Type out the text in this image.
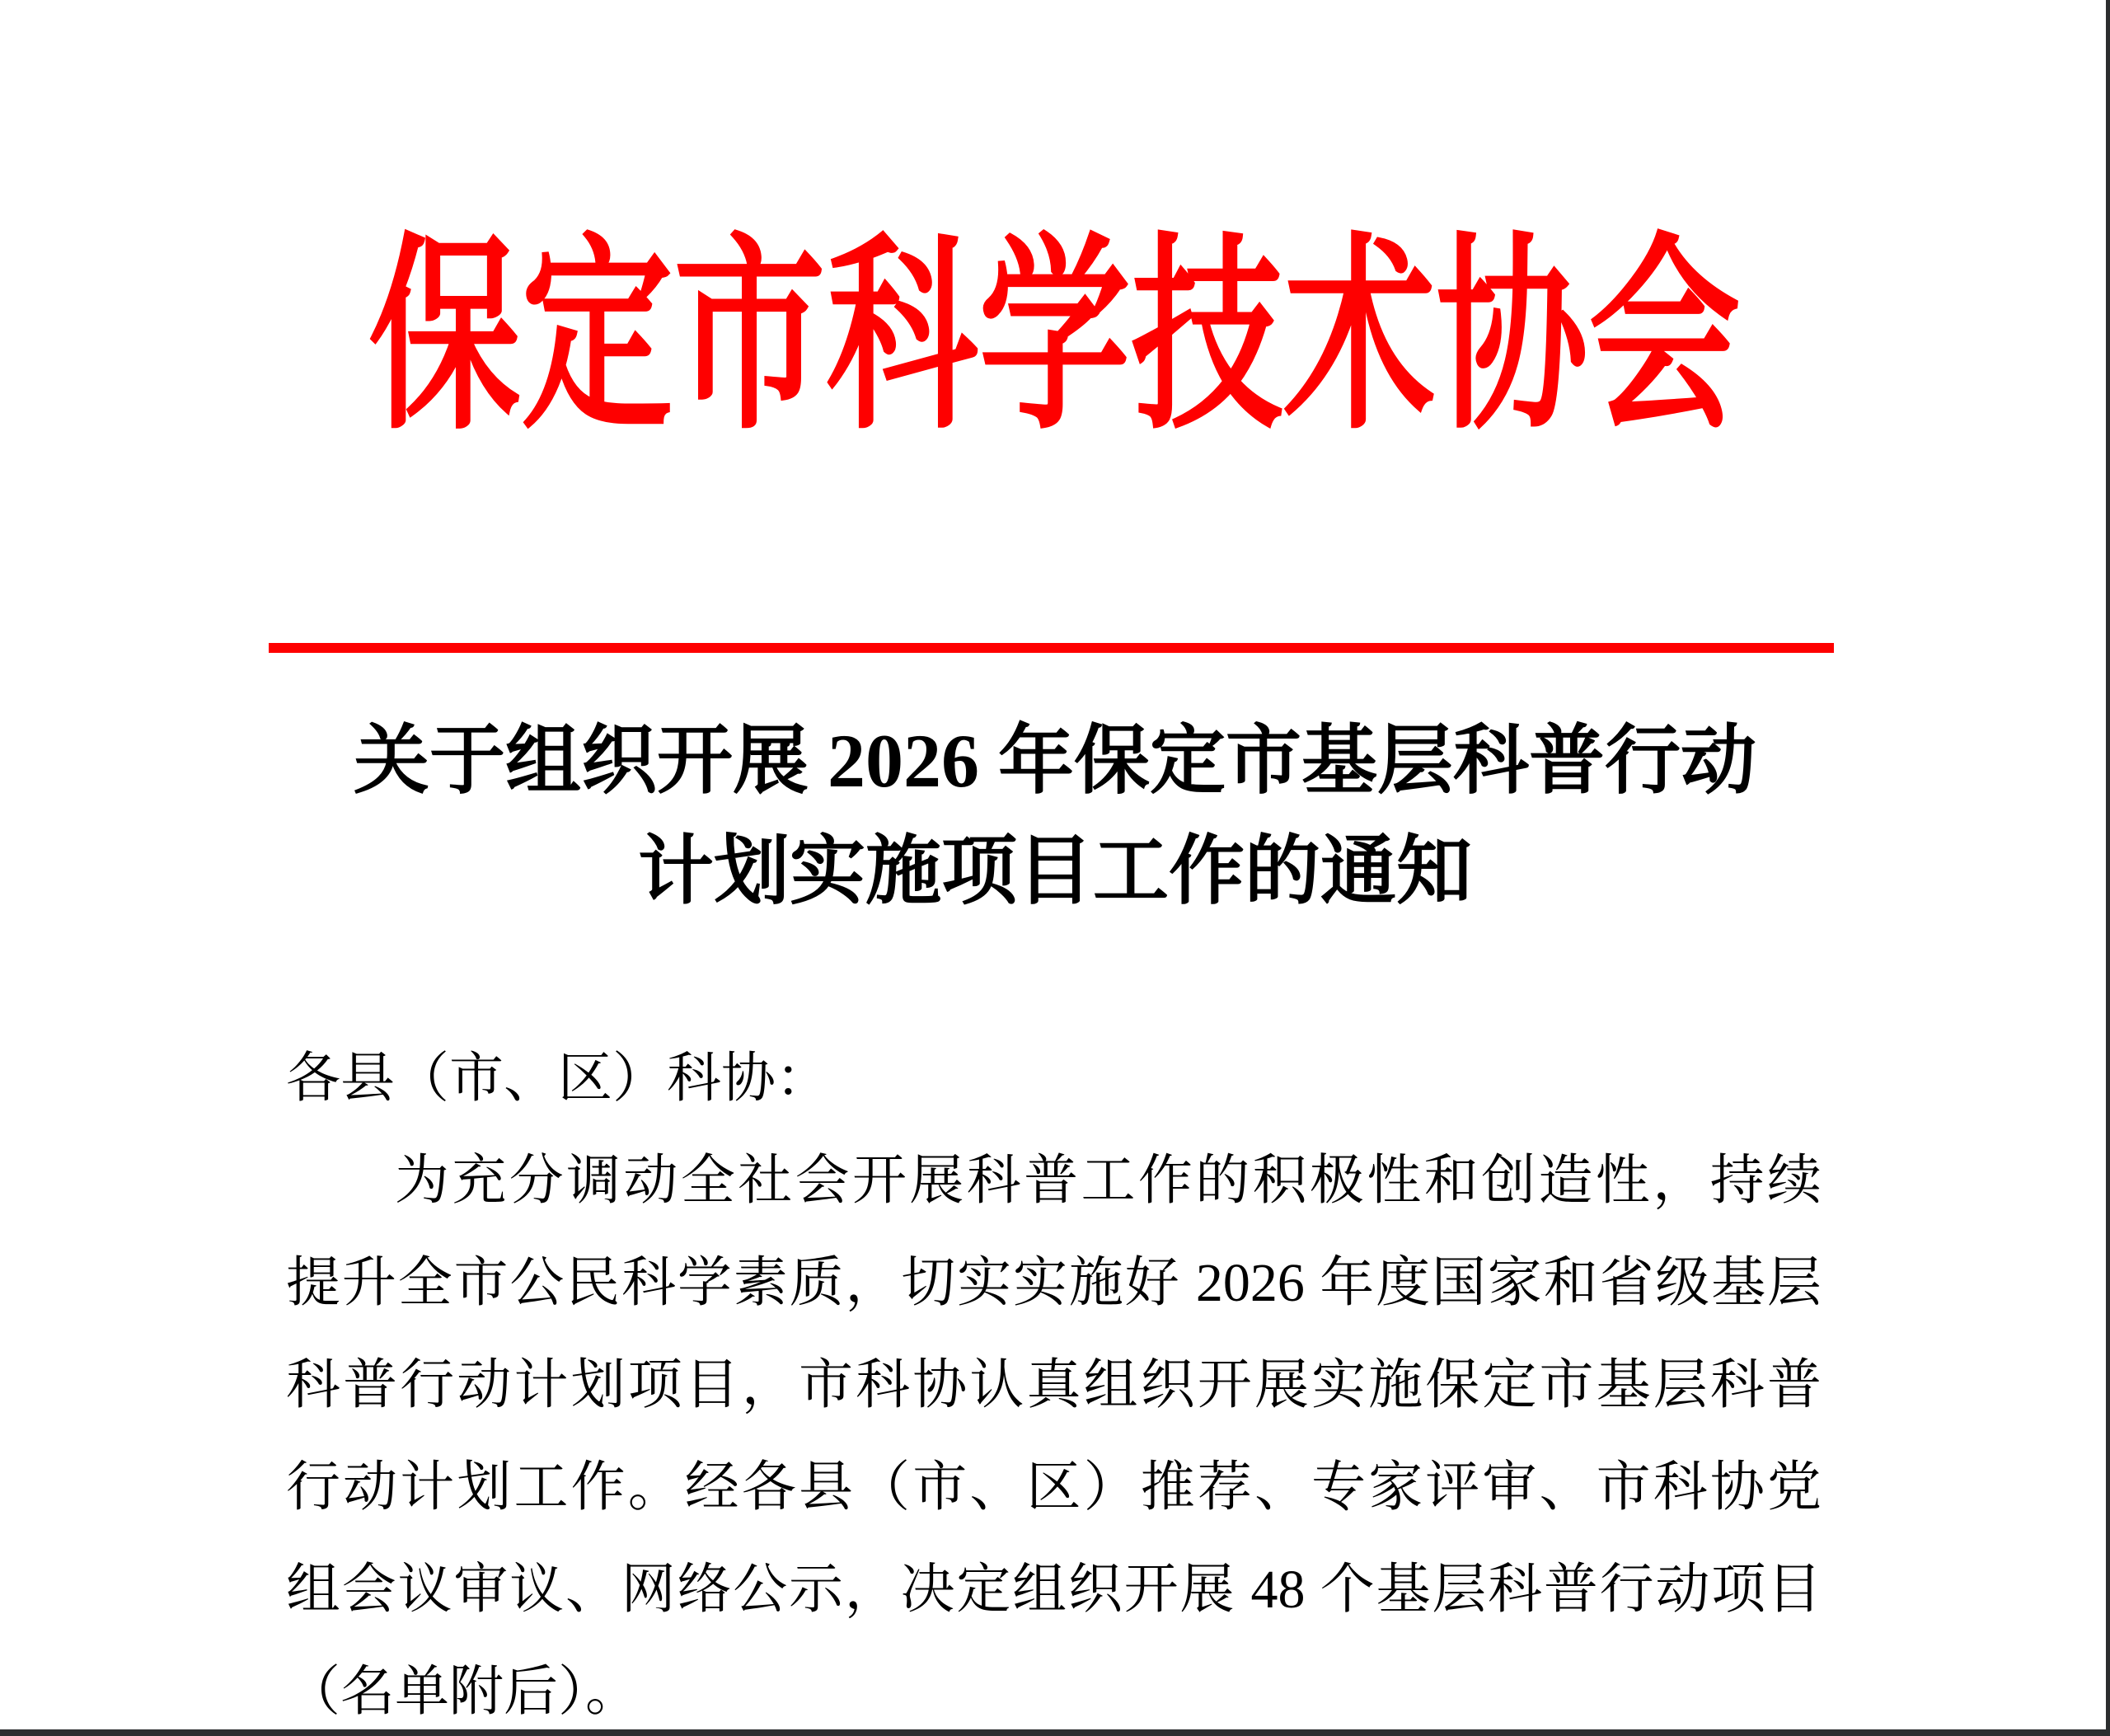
保定市科学技术协会
关于组织开展 2026 年保定市基层科普行动
计划实施项目工作的通知
各县（市、区）科协：
为充分调动全社会开展科普工作的积极性和创造性，持续
提升全市公民科学素质，切实实施好 2026 年度国家和省级基层
科普行动计划项目，市科协认真组织开展实施保定市基层科普
行动计划工作。经各县（市、区）推荐、专家评审、市科协党
组会议审议、网络公示，决定组织开展 48 个基层科普行动项目
（名单附后）。
